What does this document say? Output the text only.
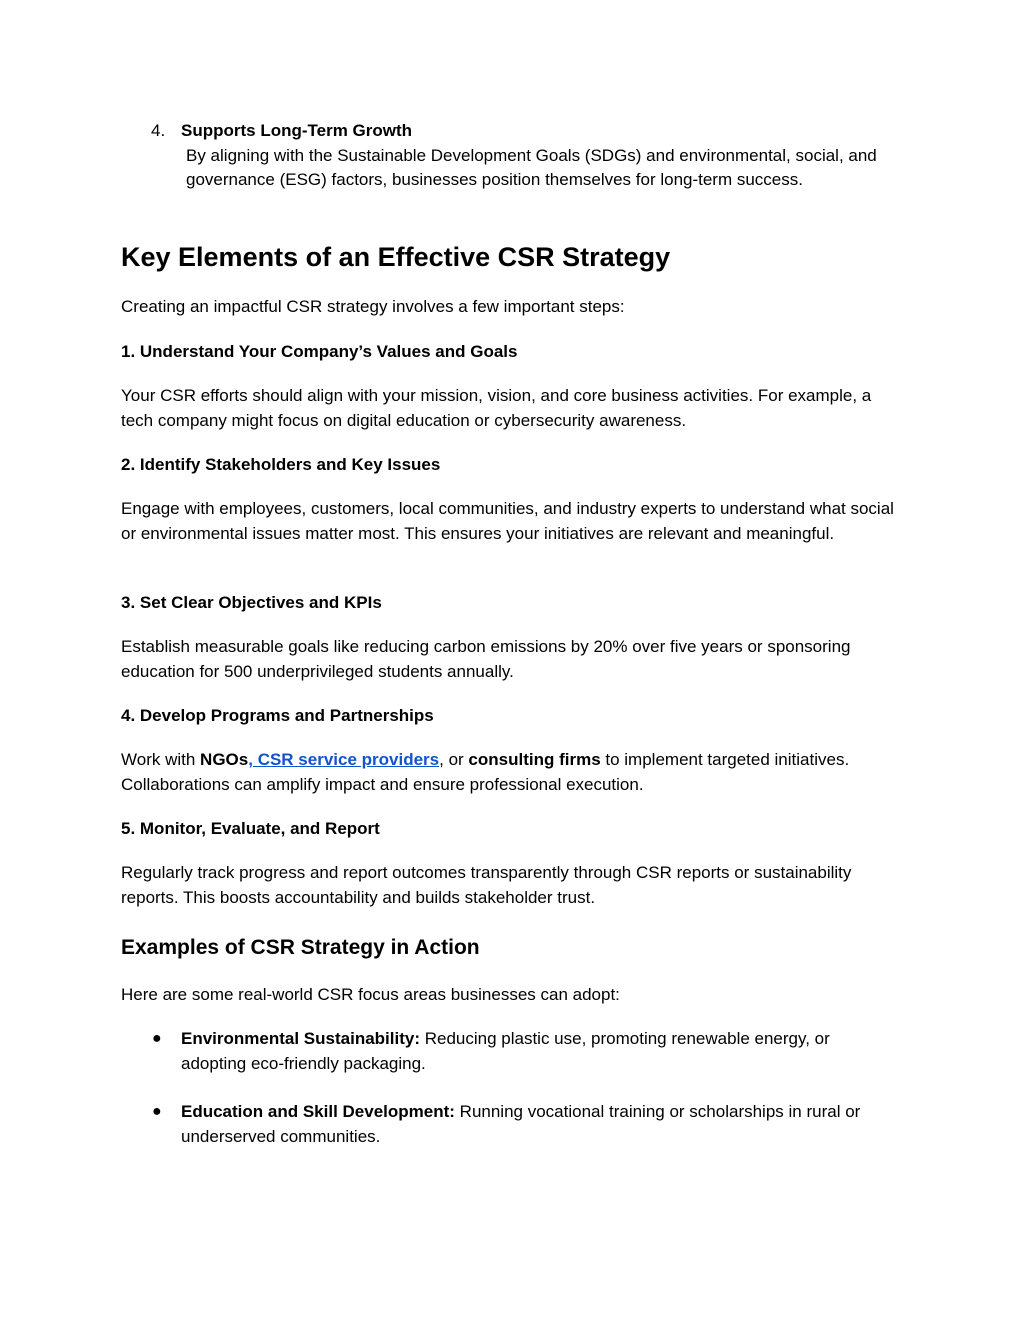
4. Supports Long-Term Growth

By aligning with the Sustainable Development Goals (SDGs) and environmental, social, and governance (ESG) factors, businesses position themselves for long-term success.

Key Elements of an Effective CSR Strategy

Creating an impactful CSR strategy involves a few important steps:

1. Understand Your Company’s Values and Goals

Your CSR efforts should align with your mission, vision, and core business activities. For example, a tech company might focus on digital education or cybersecurity awareness.

2. Identify Stakeholders and Key Issues

Engage with employees, customers, local communities, and industry experts to understand what social or environmental issues matter most. This ensures your initiatives are relevant and meaningful.

3. Set Clear Objectives and KPIs

Establish measurable goals like reducing carbon emissions by 20% over five years or sponsoring education for 500 underprivileged students annually.

4. Develop Programs and Partnerships

Work with NGOs, CSR service providers, or consulting firms to implement targeted initiatives. Collaborations can amplify impact and ensure professional execution.

5. Monitor, Evaluate, and Report

Regularly track progress and report outcomes transparently through CSR reports or sustainability reports. This boosts accountability and builds stakeholder trust.

Examples of CSR Strategy in Action

Here are some real-world CSR focus areas businesses can adopt:

● Environmental Sustainability: Reducing plastic use, promoting renewable energy, or adopting eco-friendly packaging.

● Education and Skill Development: Running vocational training or scholarships in rural or underserved communities.
